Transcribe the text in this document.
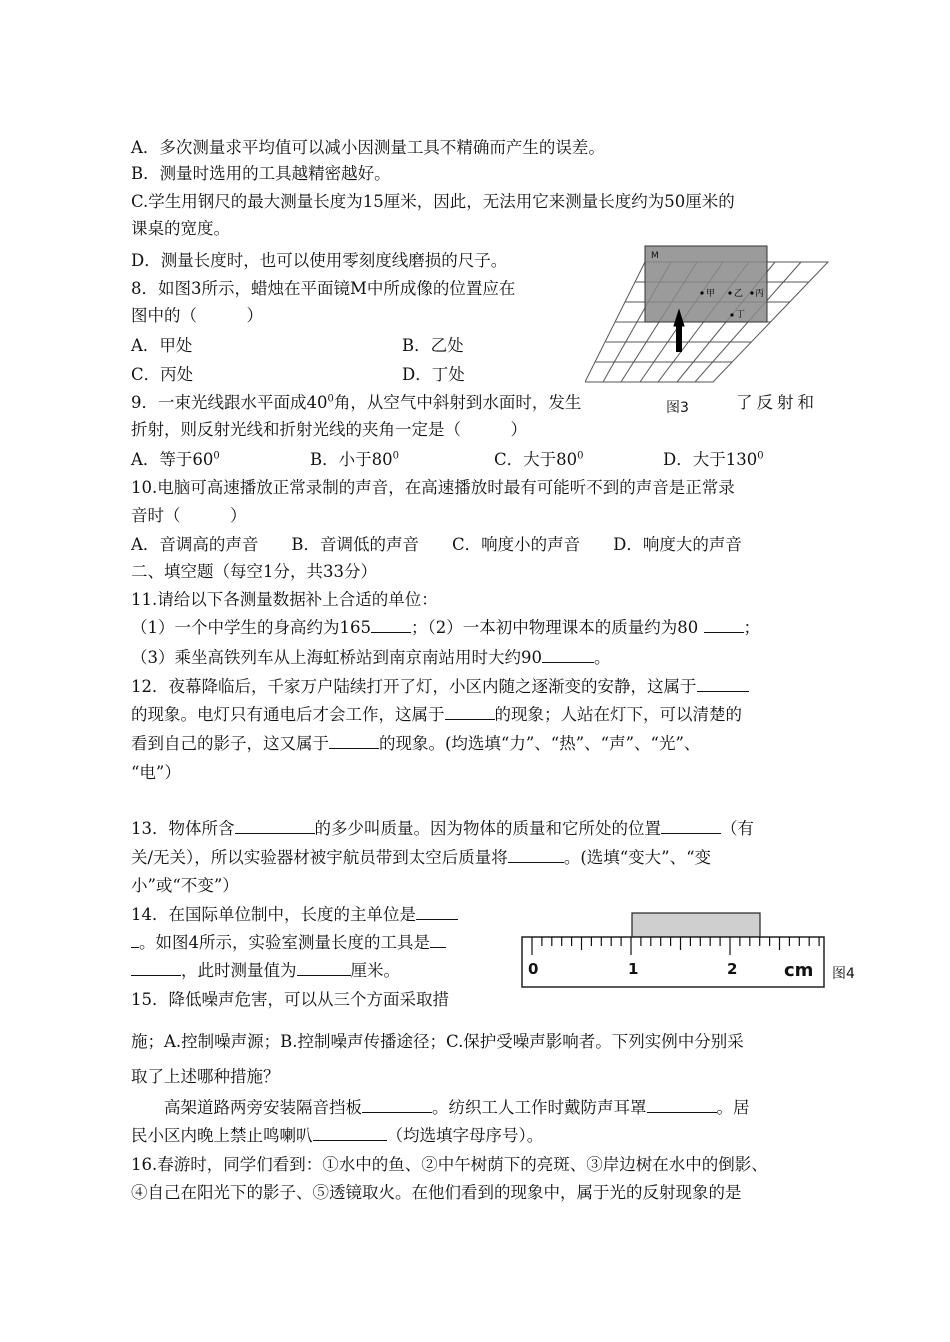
A．多次测量求平均值可以减小因测量工具不精确而产生的误差。
B．测量时选用的工具越精密越好。
C.学生用钢尺的最大测量长度为15厘米，因此，无法用它来测量长度约为50厘米的
课桌的宽度。
D．测量长度时，也可以使用零刻度线磨损的尺子。
8．如图3所示，蜡烛在平面镜M中所成像的位置应在
图中的（　　　）
A．甲处	B．乙处
C．丙处	D．丁处
M
甲 乙 丙
丁
图3
9．一束光线跟水平面成$40^0$角，从空气中斜射到水面时，发生	了反射和
折射，则反射光线和折射光线的夹角一定是（　　　）
A．等于$60^0$	B．小于$80^0$	C．大于$80^0$	D．大于$130^0$
10.电脑可高速播放正常录制的声音，在高速播放时最有可能听不到的声音是正常录
音时（　　　）
A．音调高的声音　　B．音调低的声音　　C．响度小的声音　　D．响度大的声音
二、填空题（每空1分，共33分）
11.请给以下各测量数据补上合适的单位：
（1）一个中学生的身高约为165 ；（2）一本初中物理课本的质量约为80 ；
（3）乘坐高铁列车从上海虹桥站到南京南站用时大约90	。
12．夜幕降临后，千家万户陆续打开了灯，小区内随之逐渐变的安静，这属于
的现象。电灯只有通电后才会工作，这属于	的现象；人站在灯下，可以清楚的
看到自己的影子，这又属于	的现象。(均选填“力”、“热”、“声”、“光”、
“电”）
13．物体所含	的多少叫质量。因为物体的质量和它所处的位置	（有
关/无关），所以实验器材被宇航员带到太空后质量将	。(选填“变大”、“变
小”或“不变”）
14．在国际单位制中，长度的主单位是
。如图4所示，实验室测量长度的工具是
，此时测量值为	厘米。	0	1	2	cm 图4
15．降低噪声危害，可以从三个方面采取措
施；A.控制噪声源；B.控制噪声传播途径；C.保护受噪声影响者。下列实例中分别采
取了上述哪种措施？
　　高架道路两旁安装隔音挡板	。纺织工人工作时戴防声耳罩	。居
民小区内晚上禁止鸣喇叭	（均选填字母序号）。
16.春游时，同学们看到：①水中的鱼、②中午树荫下的亮斑、③岸边树在水中的倒影、
④自己在阳光下的影子、⑤透镜取火。在他们看到的现象中，属于光的反射现象的是
